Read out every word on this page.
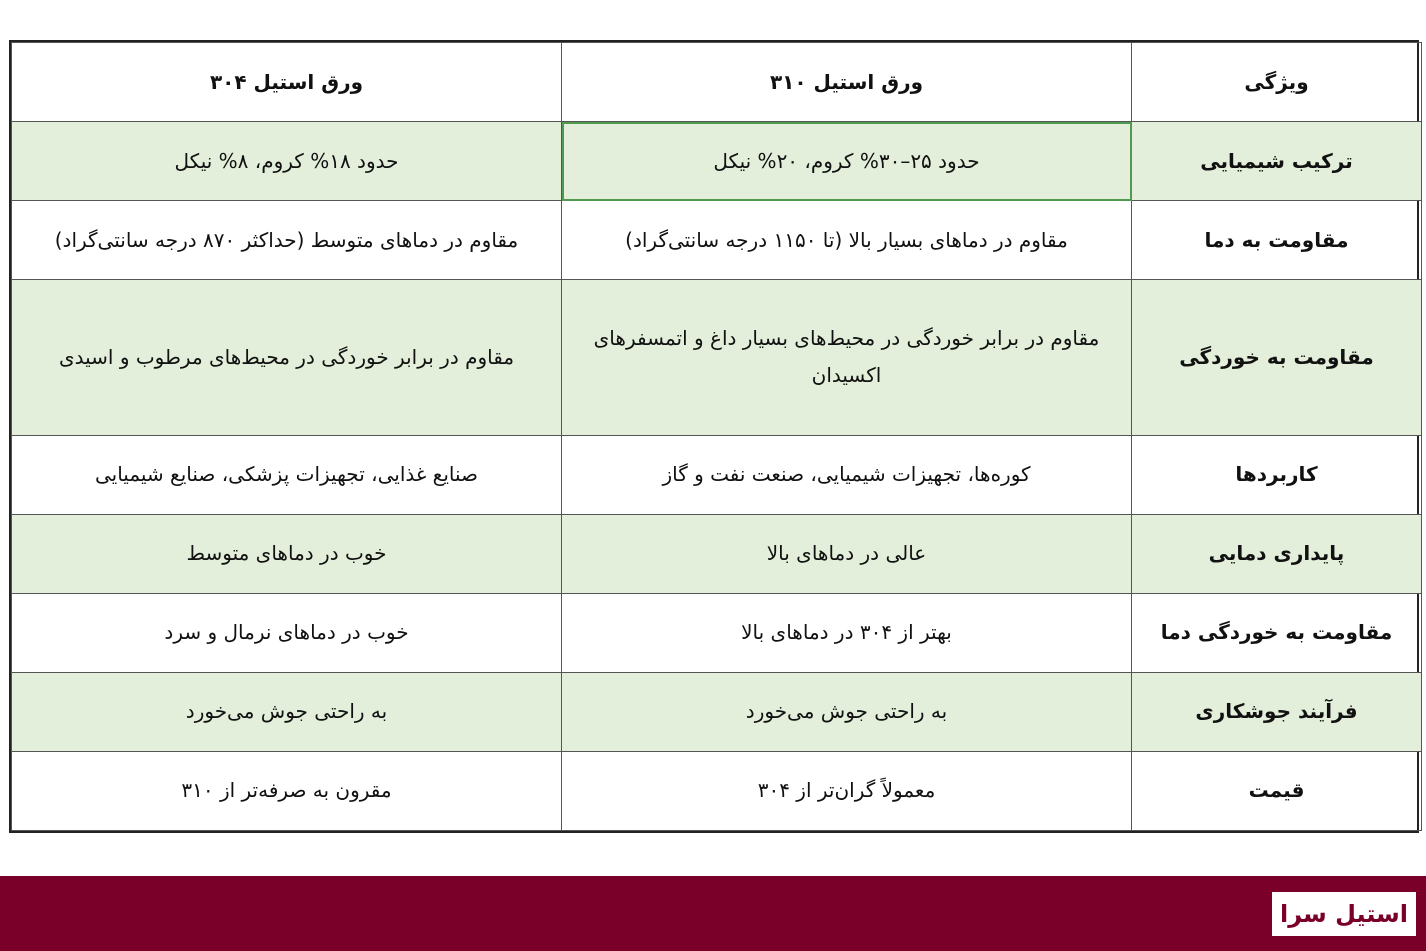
ویژگی	ورق استیل ۳۱۰	ورق استیل ۳۰۴
ترکیب شیمیایی	حدود ۲۵–۳۰% کروم، ۲۰% نیکل	حدود ۱۸% کروم، ۸% نیکل
مقاومت به دما	مقاوم در دماهای بسیار بالا (تا ۱۱۵۰ درجه سانتی‌گراد)	مقاوم در دماهای متوسط (حداکثر ۸۷۰ درجه سانتی‌گراد)
مقاومت به خوردگی	مقاوم در برابر خوردگی در محیط‌های بسیار داغ و اتمسفرهای اکسیدان	مقاوم در برابر خوردگی در محیط‌های مرطوب و اسیدی
کاربردها	کوره‌ها، تجهیزات شیمیایی، صنعت نفت و گاز	صنایع غذایی، تجهیزات پزشکی، صنایع شیمیایی
پایداری دمایی	عالی در دماهای بالا	خوب در دماهای متوسط
مقاومت به خوردگی دما	بهتر از ۳۰۴ در دماهای بالا	خوب در دماهای نرمال و سرد
فرآیند جوشکاری	به راحتی جوش می‌خورد	به راحتی جوش می‌خورد
قیمت	معمولاً گران‌تر از ۳۰۴	مقرون به صرفه‌تر از ۳۱۰
استیل سرا
